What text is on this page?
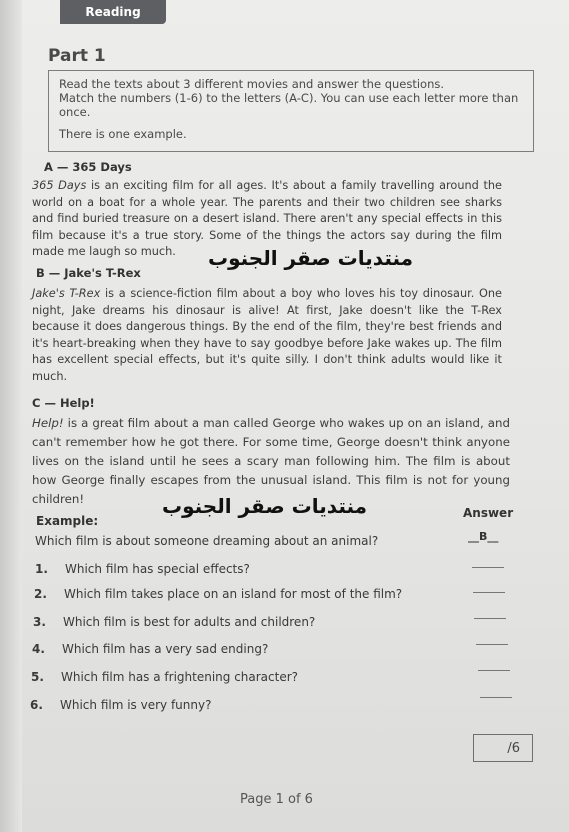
Reading
Part 1

Read the texts about 3 different movies and answer the questions.

Match the numbers (1-6) to the letters (A-C). You can use each letter more than once.

There is one example.

A — 365 Days
365 Days is an exciting film for all ages. It's about a family travelling around the world on a boat for a whole year. The parents and their two children see sharks and find buried treasure on a desert island. There aren't any special effects in this film because it's a true story. Some of the things the actors say during the film made me laugh so much.	منتديات صقر الجنوب
B — Jake's T-Rex
Jake's T-Rex is a science-fiction film about a boy who loves his toy dinosaur. One night, Jake dreams his dinosaur is alive! At first, Jake doesn't like the T-Rex because it does dangerous things. By the end of the film, they're best friends and it's heart-breaking when they have to say goodbye before Jake wakes up. The film has excellent special effects, but it's quite silly. I don't think adults would like it much.
C — Help!
Help! is a great film about a man called George who wakes up on an island, and can't remember how he got there. For some time, George doesn't think anyone lives on the island until he sees a scary man following him. The film is about how George finally escapes from the unusual island. This film is not for young children!	منتديات صقر الجنوب	Answer
Example:
Which film is about someone dreaming about an animal?	__B__
1. Which film has special effects?
2. Which film takes place on an island for most of the film?
3. Which film is best for adults and children?
4. Which film has a very sad ending?
5. Which film has a frightening character?
6. Which film is very funny?
/6
Page 1 of 6
